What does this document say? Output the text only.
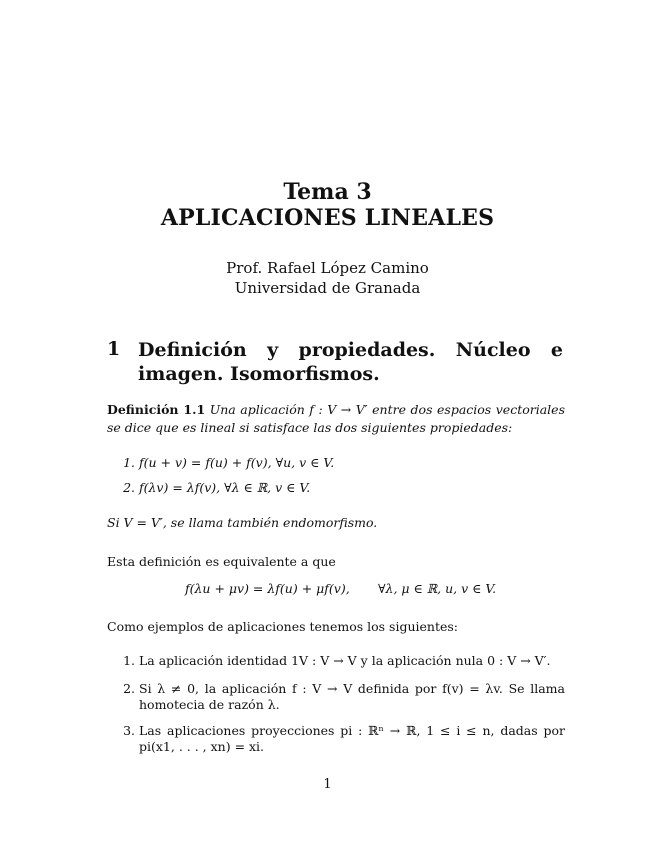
Tema 3
APLICACIONES LINEALES
Prof. Rafael López Camino
Universidad de Granada
1 Definición y propiedades. Núcleo e imagen. Isomorfismos.
Definición 1.1 Una aplicación f : V → V′ entre dos espacios vectoriales se dice que es lineal si satisface las dos siguientes propiedades:
1. f(u + v) = f(u) + f(v), ∀u, v ∈ V.
2. f(λv) = λf(v), ∀λ ∈ ℝ, v ∈ V.
Si V = V′, se llama también endomorfismo.
Esta definición es equivalente a que
f(λu + μv) = λf(u) + μf(v), ∀λ, μ ∈ ℝ, u, v ∈ V.
Como ejemplos de aplicaciones tenemos los siguientes:
1. La aplicación identidad 1V : V → V y la aplicación nula 0 : V → V′.
2. Si λ ≠ 0, la aplicación f : V → V definida por f(v) = λv. Se llama homotecia de razón λ.
3. Las aplicaciones proyecciones pi : ℝⁿ → ℝ, 1 ≤ i ≤ n, dadas por pi(x1, . . . , xn) = xi.
1
